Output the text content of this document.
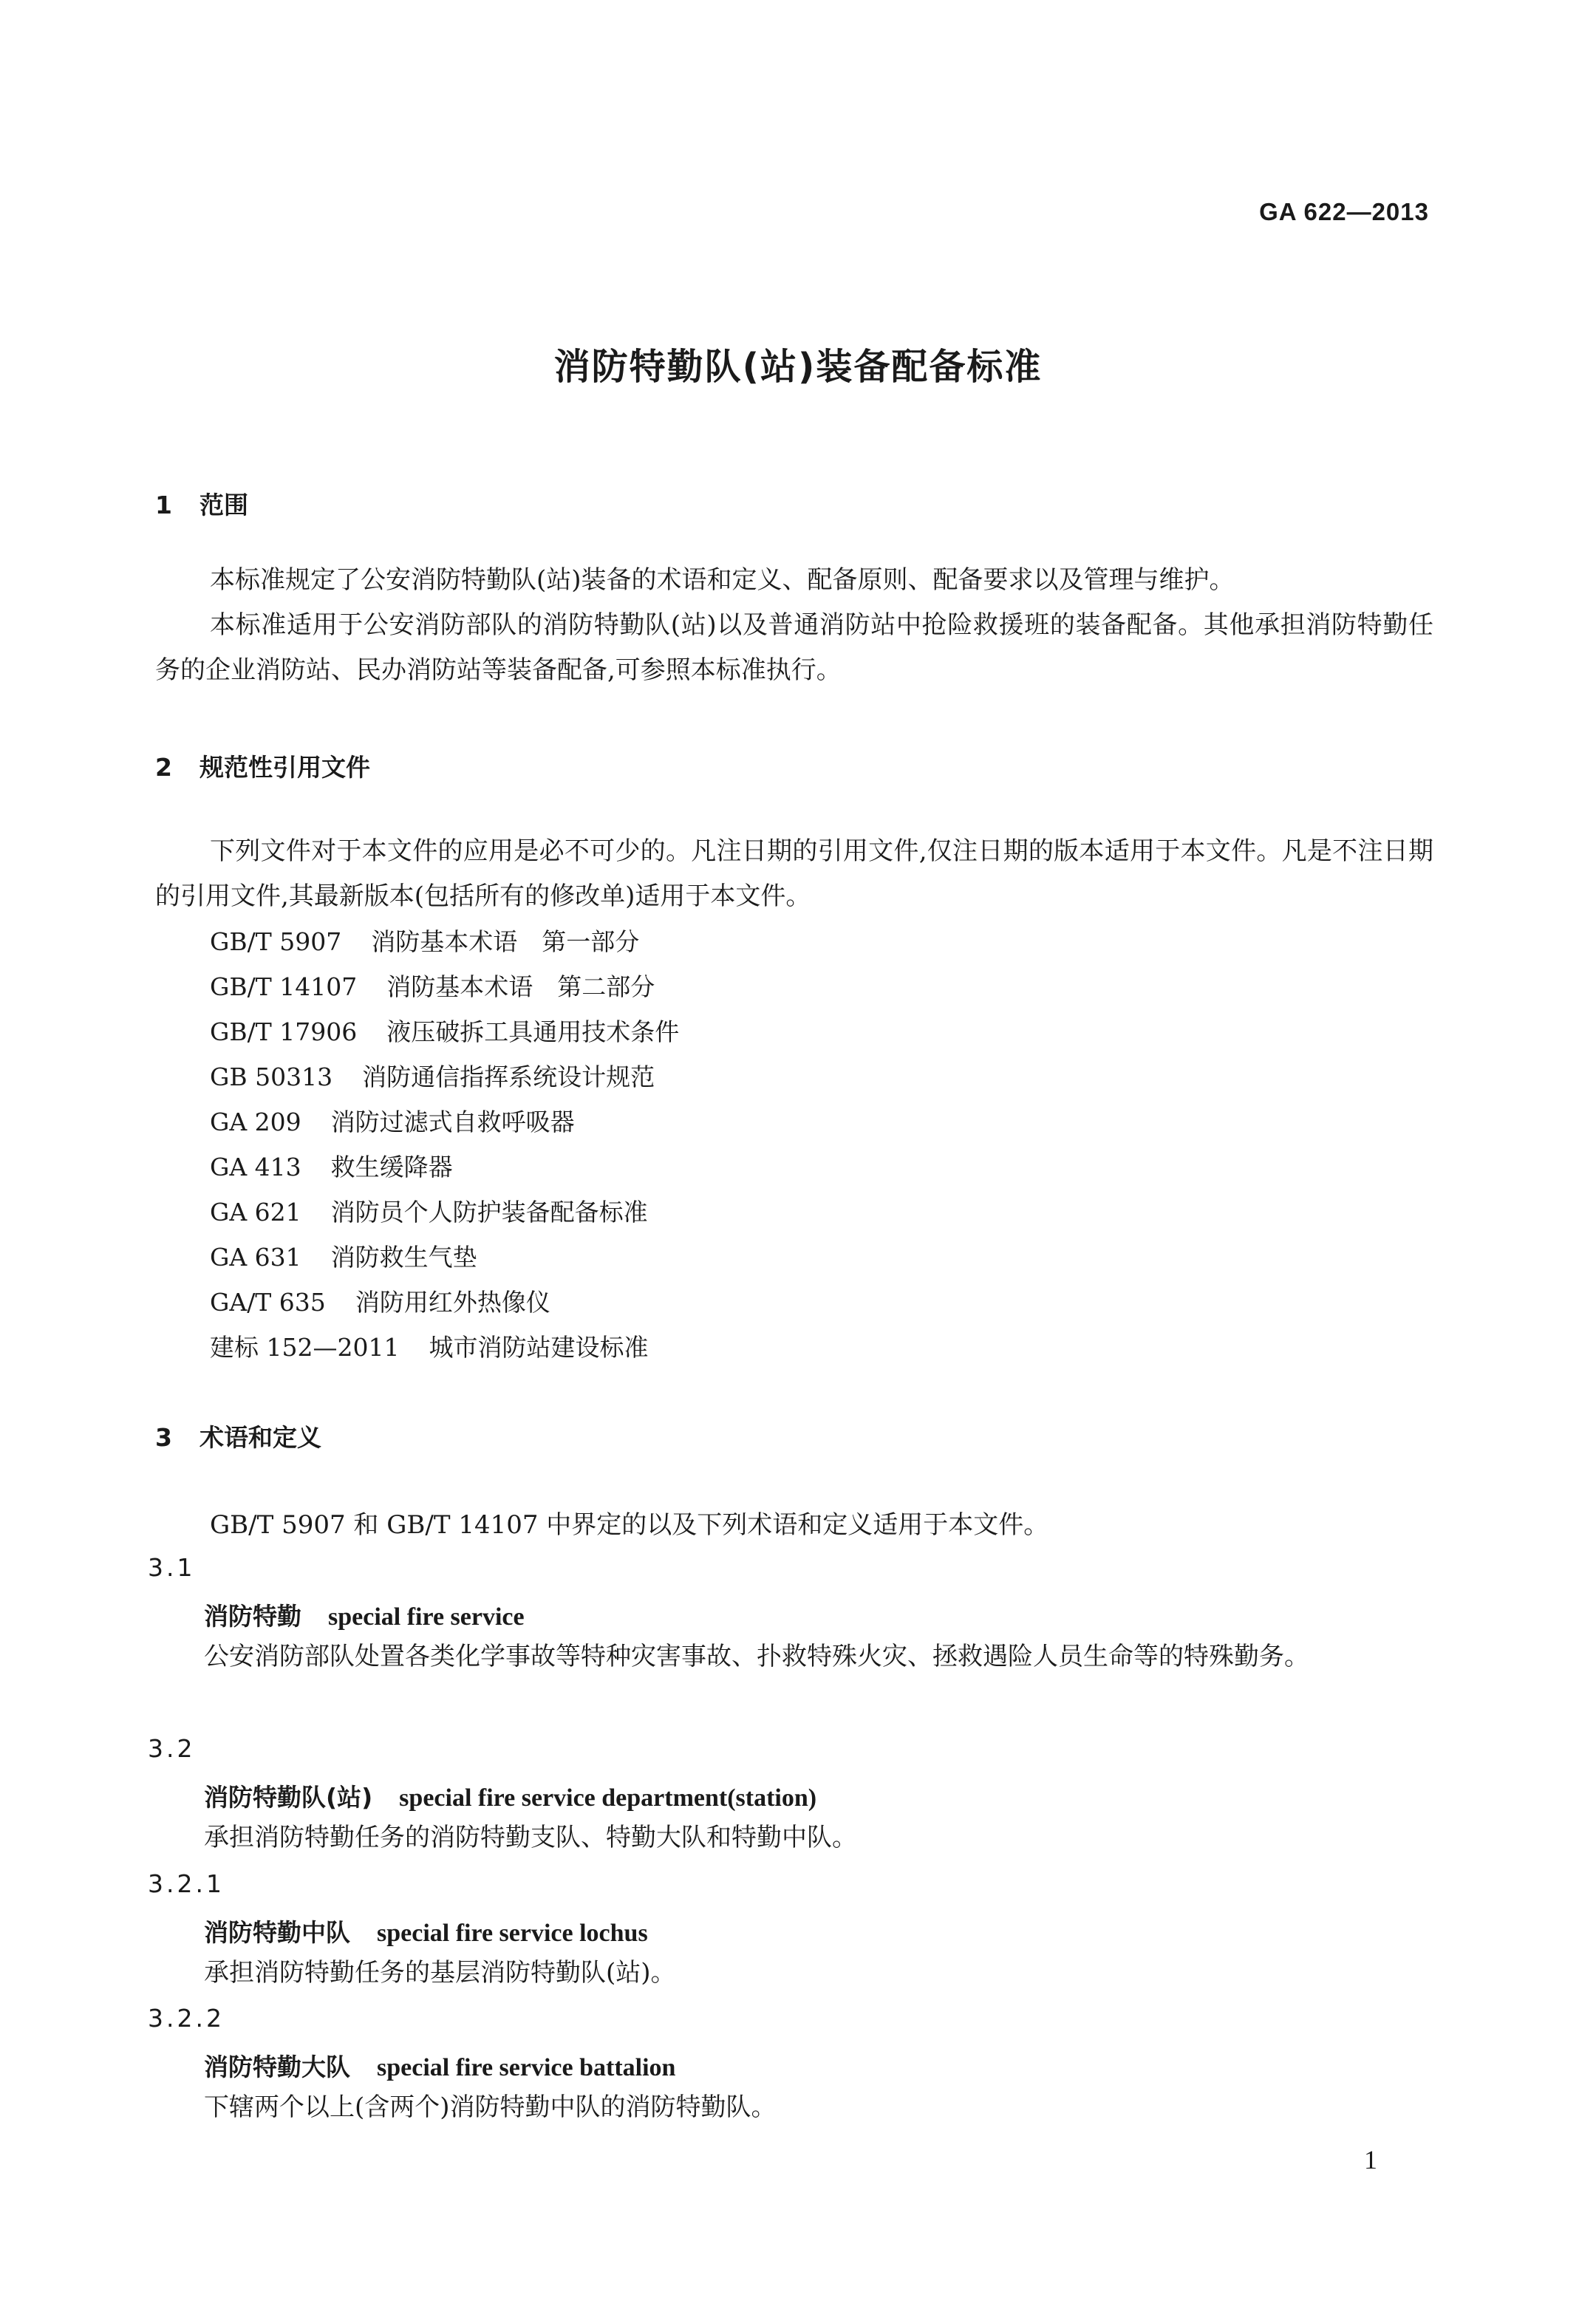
GA 622—2013
消防特勤队(站)装备配备标准
1 范围
本标准规定了公安消防特勤队(站)装备的术语和定义、配备原则、配备要求以及管理与维护。
本标准适用于公安消防部队的消防特勤队(站)以及普通消防站中抢险救援班的装备配备。其他承担消防特勤任务的企业消防站、民办消防站等装备配备,可参照本标准执行。
2 规范性引用文件
下列文件对于本文件的应用是必不可少的。凡注日期的引用文件,仅注日期的版本适用于本文件。凡是不注日期的引用文件,其最新版本(包括所有的修改单)适用于本文件。
GB/T 5907 消防基本术语　第一部分
GB/T 14107 消防基本术语　第二部分
GB/T 17906 液压破拆工具通用技术条件
GB 50313 消防通信指挥系统设计规范
GA 209 消防过滤式自救呼吸器
GA 413 救生缓降器
GA 621 消防员个人防护装备配备标准
GA 631 消防救生气垫
GA/T 635 消防用红外热像仪
建标 152—2011 城市消防站建设标准
3 术语和定义
GB/T 5907 和 GB/T 14107 中界定的以及下列术语和定义适用于本文件。
3.1
消防特勤 special fire service
公安消防部队处置各类化学事故等特种灾害事故、扑救特殊火灾、拯救遇险人员生命等的特殊勤务。
3.2
消防特勤队(站) special fire service department(station)
承担消防特勤任务的消防特勤支队、特勤大队和特勤中队。
3.2.1
消防特勤中队 special fire service lochus
承担消防特勤任务的基层消防特勤队(站)。
3.2.2
消防特勤大队 special fire service battalion
下辖两个以上(含两个)消防特勤中队的消防特勤队。
1
